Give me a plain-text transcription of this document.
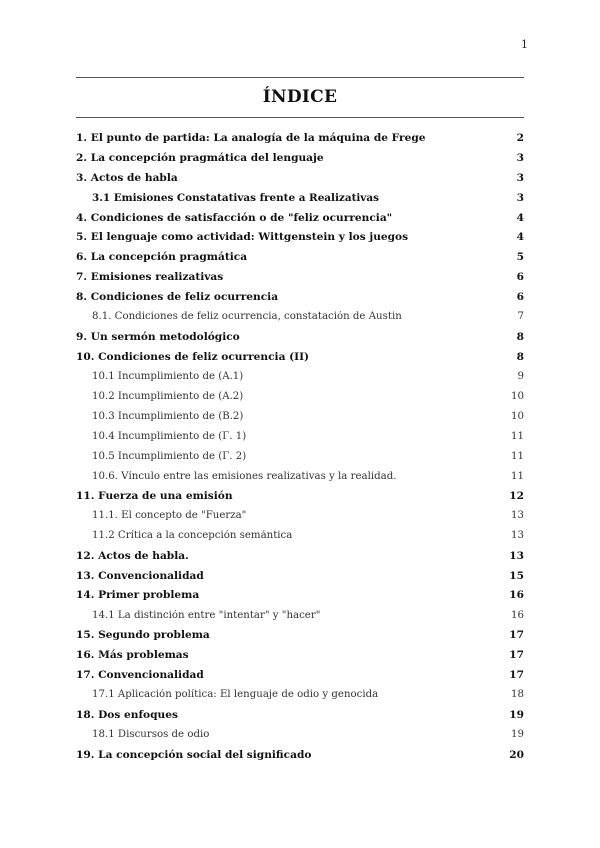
1
ÍNDICE
1. El punto de partida: La analogía de la máquina de Frege	2
2. La concepción pragmática del lenguaje	3
3. Actos de habla	3
3.1 Emisiones Constatativas frente a Realizativas	3
4. Condiciones de satisfacción o de "feliz ocurrencia"	4
5. El lenguaje como actividad: Wittgenstein y los juegos	4
6. La concepción pragmática	5
7. Emisiones realizativas	6
8. Condiciones de feliz ocurrencia	6
8.1. Condiciones de feliz ocurrencia, constatación de Austin	7
9. Un sermón metodológico	8
10. Condiciones de feliz ocurrencia (II)	8
10.1 Incumplimiento de (A.1)	9
10.2 Incumplimiento de (A.2)	10
10.3 Incumplimiento de (B.2)	10
10.4 Incumplimiento de (Γ. 1)	11
10.5 Incumplimiento de (Γ. 2)	11
10.6. Vínculo entre las emisiones realizativas y la realidad.	11
11. Fuerza de una emisión	12
11.1. El concepto de "Fuerza"	13
11.2 Crítica a la concepción semántica	13
12. Actos de habla.	13
13. Convencionalidad	15
14. Primer problema	16
14.1 La distinción entre "intentar" y "hacer"	16
15. Segundo problema	17
16. Más problemas	17
17. Convencionalidad	17
17.1 Aplicación política: El lenguaje de odio y genocida	18
18. Dos enfoques	19
18.1 Discursos de odio	19
19. La concepción social del significado	20
